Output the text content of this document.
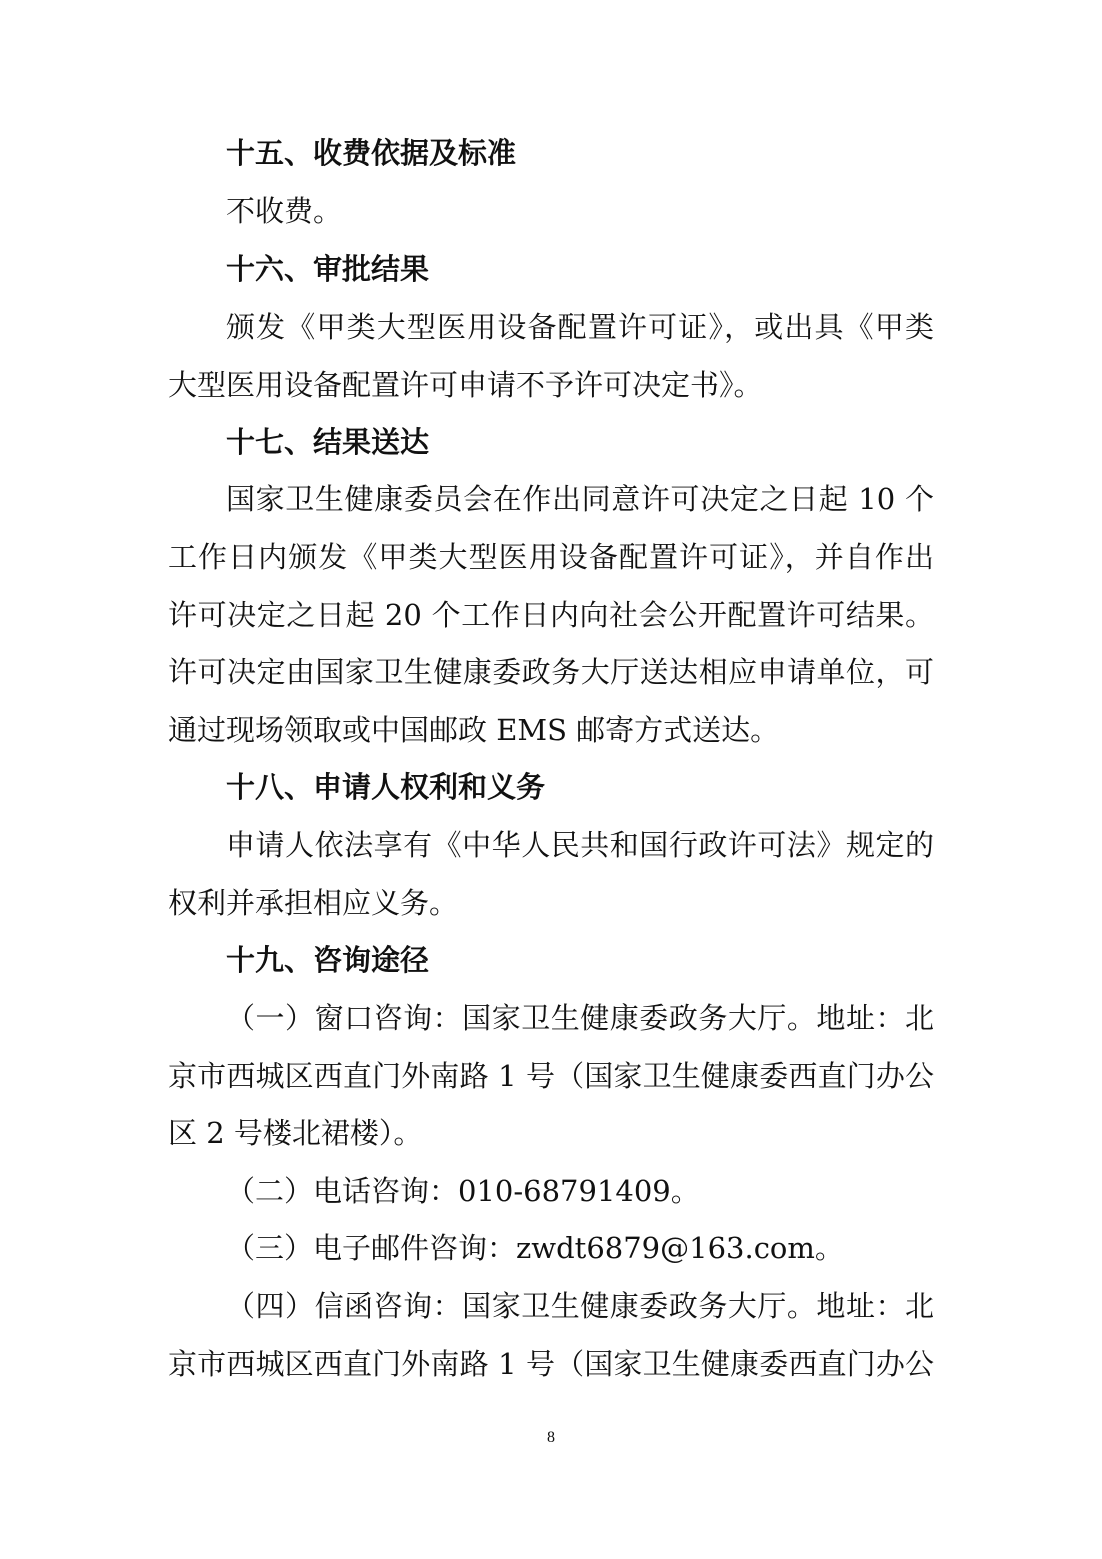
十五、收费依据及标准
不收费。
十六、审批结果
颁发《甲类大型医用设备配置许可证》，或出具《甲类
大型医用设备配置许可申请不予许可决定书》。
十七、结果送达
国家卫生健康委员会在作出同意许可决定之日起 10 个
工作日内颁发《甲类大型医用设备配置许可证》，并自作出
许可决定之日起 20 个工作日内向社会公开配置许可结果。
许可决定由国家卫生健康委政务大厅送达相应申请单位，可
通过现场领取或中国邮政 EMS 邮寄方式送达。
十八、申请人权利和义务
申请人依法享有《中华人民共和国行政许可法》规定的
权利并承担相应义务。
十九、咨询途径
（一）窗口咨询：国家卫生健康委政务大厅。地址：北
京市西城区西直门外南路 1 号（国家卫生健康委西直门办公
区 2 号楼北裙楼）。
（二）电话咨询：010-68791409。
（三）电子邮件咨询：zwdt6879@163.com。
（四）信函咨询：国家卫生健康委政务大厅。地址：北
京市西城区西直门外南路 1 号（国家卫生健康委西直门办公
8
